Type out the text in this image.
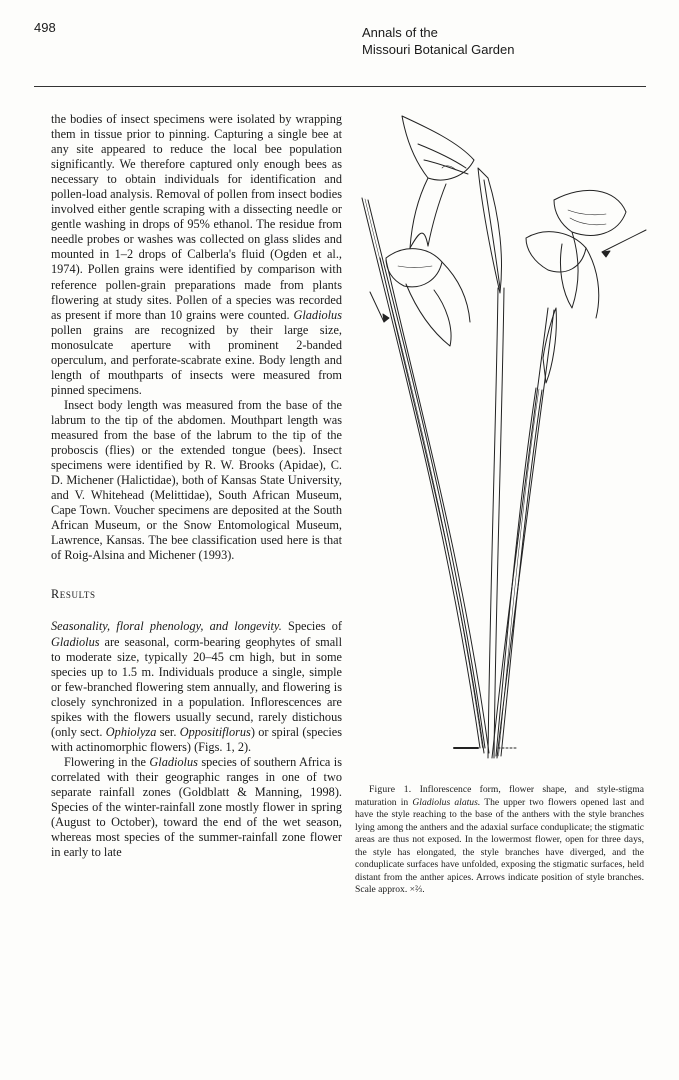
498	Annals of the
Missouri Botanical Garden

the bodies of insect specimens were isolated by wrapping them in tissue prior to pinning. Capturing a single bee at any site appeared to reduce the local bee population significantly. We therefore captured only enough bees as necessary to obtain individuals for identification and pollen-load analysis. Removal of pollen from insect bodies involved either gentle scraping with a dissecting needle or gentle washing in drops of 95% ethanol. The residue from needle probes or washes was collected on glass slides and mounted in 1–2 drops of Calberla's fluid (Ogden et al., 1974). Pollen grains were identified by comparison with reference pollen-grain preparations made from plants flowering at study sites. Pollen of a species was recorded as present if more than 10 grains were counted. Gladiolus pollen grains are recognized by their large size, monosulcate aperture with prominent 2-banded operculum, and perforate-scabrate exine. Body length and length of mouthparts of insects were measured from pinned specimens.

Insect body length was measured from the base of the labrum to the tip of the abdomen. Mouthpart length was measured from the base of the labrum to the tip of the proboscis (flies) or the extended tongue (bees). Insect specimens were identified by R. W. Brooks (Apidae), C. D. Michener (Halictidae), both of Kansas State University, and V. Whitehead (Melittidae), South African Museum, Cape Town. Voucher specimens are deposited at the South African Museum, or the Snow Entomological Museum, Lawrence, Kansas. The bee classification used here is that of Roig-Alsina and Michener (1993).

Results

Seasonality, floral phenology, and longevity. Species of Gladiolus are seasonal, corm-bearing geophytes of small to moderate size, typically 20–45 cm high, but in some species up to 1.5 m. Individuals produce a single, simple or few-branched flowering stem annually, and flowering is closely synchronized in a population. Inflorescences are spikes with the flowers usually secund, rarely distichous (only sect. Ophiolyza ser. Oppositiflorus) or spiral (species with actinomorphic flowers) (Figs. 1, 2).

Flowering in the Gladiolus species of southern Africa is correlated with their geographic ranges in one of two separate rainfall zones (Goldblatt & Manning, 1998). Species of the winter-rainfall zone mostly flower in spring (August to October), toward the end of the wet season, whereas most species of the summer-rainfall zone flower in early to late

Figure 1. Inflorescence form, flower shape, and style-stigma maturation in Gladiolus alatus. The upper two flowers opened last and have the style reaching to the base of the anthers with the style branches lying among the anthers and the adaxial surface conduplicate; the stigmatic areas are thus not exposed. In the lowermost flower, open for three days, the style has elongated, the style branches have diverged, and the conduplicate surfaces have unfolded, exposing the stigmatic surfaces, held distant from the anther apices. Arrows indicate position of style branches. Scale approx. ×⅔.
